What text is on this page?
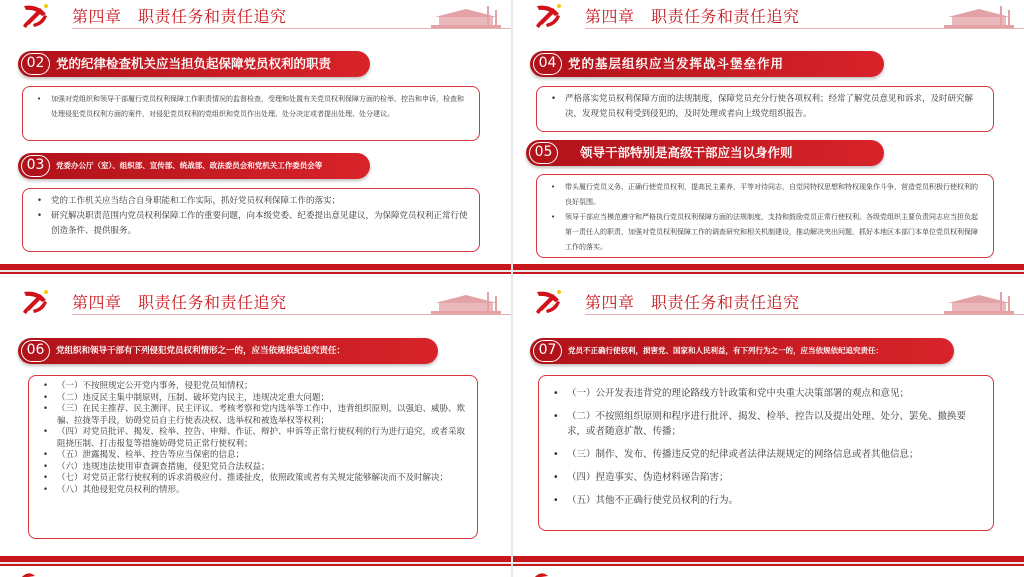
第四章　职责任务和责任追究
02 党的纪律检查机关应当担负起保障党员权利的职责
• 加强对党组织和领导干部履行党员权利保障工作职责情况的监督检查，受理和处置有关党员权利保障方面的检举、控告和申诉，检查和处理侵犯党员权利方面的案件，对侵犯党员权利的党组织和党员作出处理、处分决定或者提出处理、处分建议。
03	党委办公厅（室）、组织部、宣传部、统战部、政法委员会和党机关工作委员会等
• 党的工作机关应当结合自身职能和工作实际，抓好党员权利保障工作的落实；
• 研究解决职责范围内党员权利保障工作的重要问题，向本级党委、纪委提出意见建议，为保障党员权利正常行使创造条件、提供服务。
第四章　职责任务和责任追究
04 党的基层组织应当发挥战斗堡垒作用
• 严格落实党员权利保障方面的法规制度，保障党员充分行使各项权利；经常了解党员意见和诉求，及时研究解决，发现党员权利受到侵犯的，及时处理或者向上级党组织报告。
05	领导干部特别是高级干部应当以身作则
• 带头履行党员义务、正确行使党员权利，提高民主素养，平等对待同志，自觉同特权思想和特权现象作斗争，营造党员积极行使权利的良好氛围。
• 领导干部应当模范遵守和严格执行党员权利保障方面的法规制度，支持和鼓励党员正常行使权利。各级党组织主要负责同志应当担负起第一责任人的职责，加强对党员权利保障工作的调查研究和相关机制建设，推动解决突出问题，抓好本地区本部门本单位党员权利保障工作的落实。
第四章　职责任务和责任追究
06	党组织和领导干部有下列侵犯党员权利情形之一的，应当依规依纪追究责任：
• （一）不按照规定公开党内事务，侵犯党员知情权；
• （二）违反民主集中制原则，压制、破坏党内民主，违规决定重大问题；
• （三）在民主推荐、民主测评、民主评议、考核考察和党内选举等工作中，违背组织原则，以强迫、威胁、欺骗、拉拢等手段，妨碍党员自主行使表决权、选举权和被选举权等权利；
• （四）对党员批评、揭发、检举、控告、申辩、作证、辩护、申诉等正常行使权利的行为进行追究，或者采取阻挠压制、打击报复等措施妨碍党员正常行使权利；
• （五）泄露揭发、检举、控告等应当保密的信息；
• （六）违规违法使用审查调查措施，侵犯党员合法权益；
• （七）对党员正常行使权利的诉求消极应付、推诿扯皮，依照政策或者有关规定能够解决而不及时解决；
• （八）其他侵犯党员权利的情形。
第四章　职责任务和责任追究
07	党员不正确行使权利，损害党、国家和人民利益，有下列行为之一的，应当依规依纪追究责任：
• （一）公开发表违背党的理论路线方针政策和党中央重大决策部署的观点和意见；
• （二）不按照组织原则和程序进行批评、揭发、检举、控告以及提出处理、处分、罢免、撤换要求，或者随意扩散、传播；
• （三）制作、发布、传播违反党的纪律或者法律法规规定的网络信息或者其他信息；
• （四）捏造事实、伪造材料诬告陷害；
• （五）其他不正确行使党员权利的行为。
